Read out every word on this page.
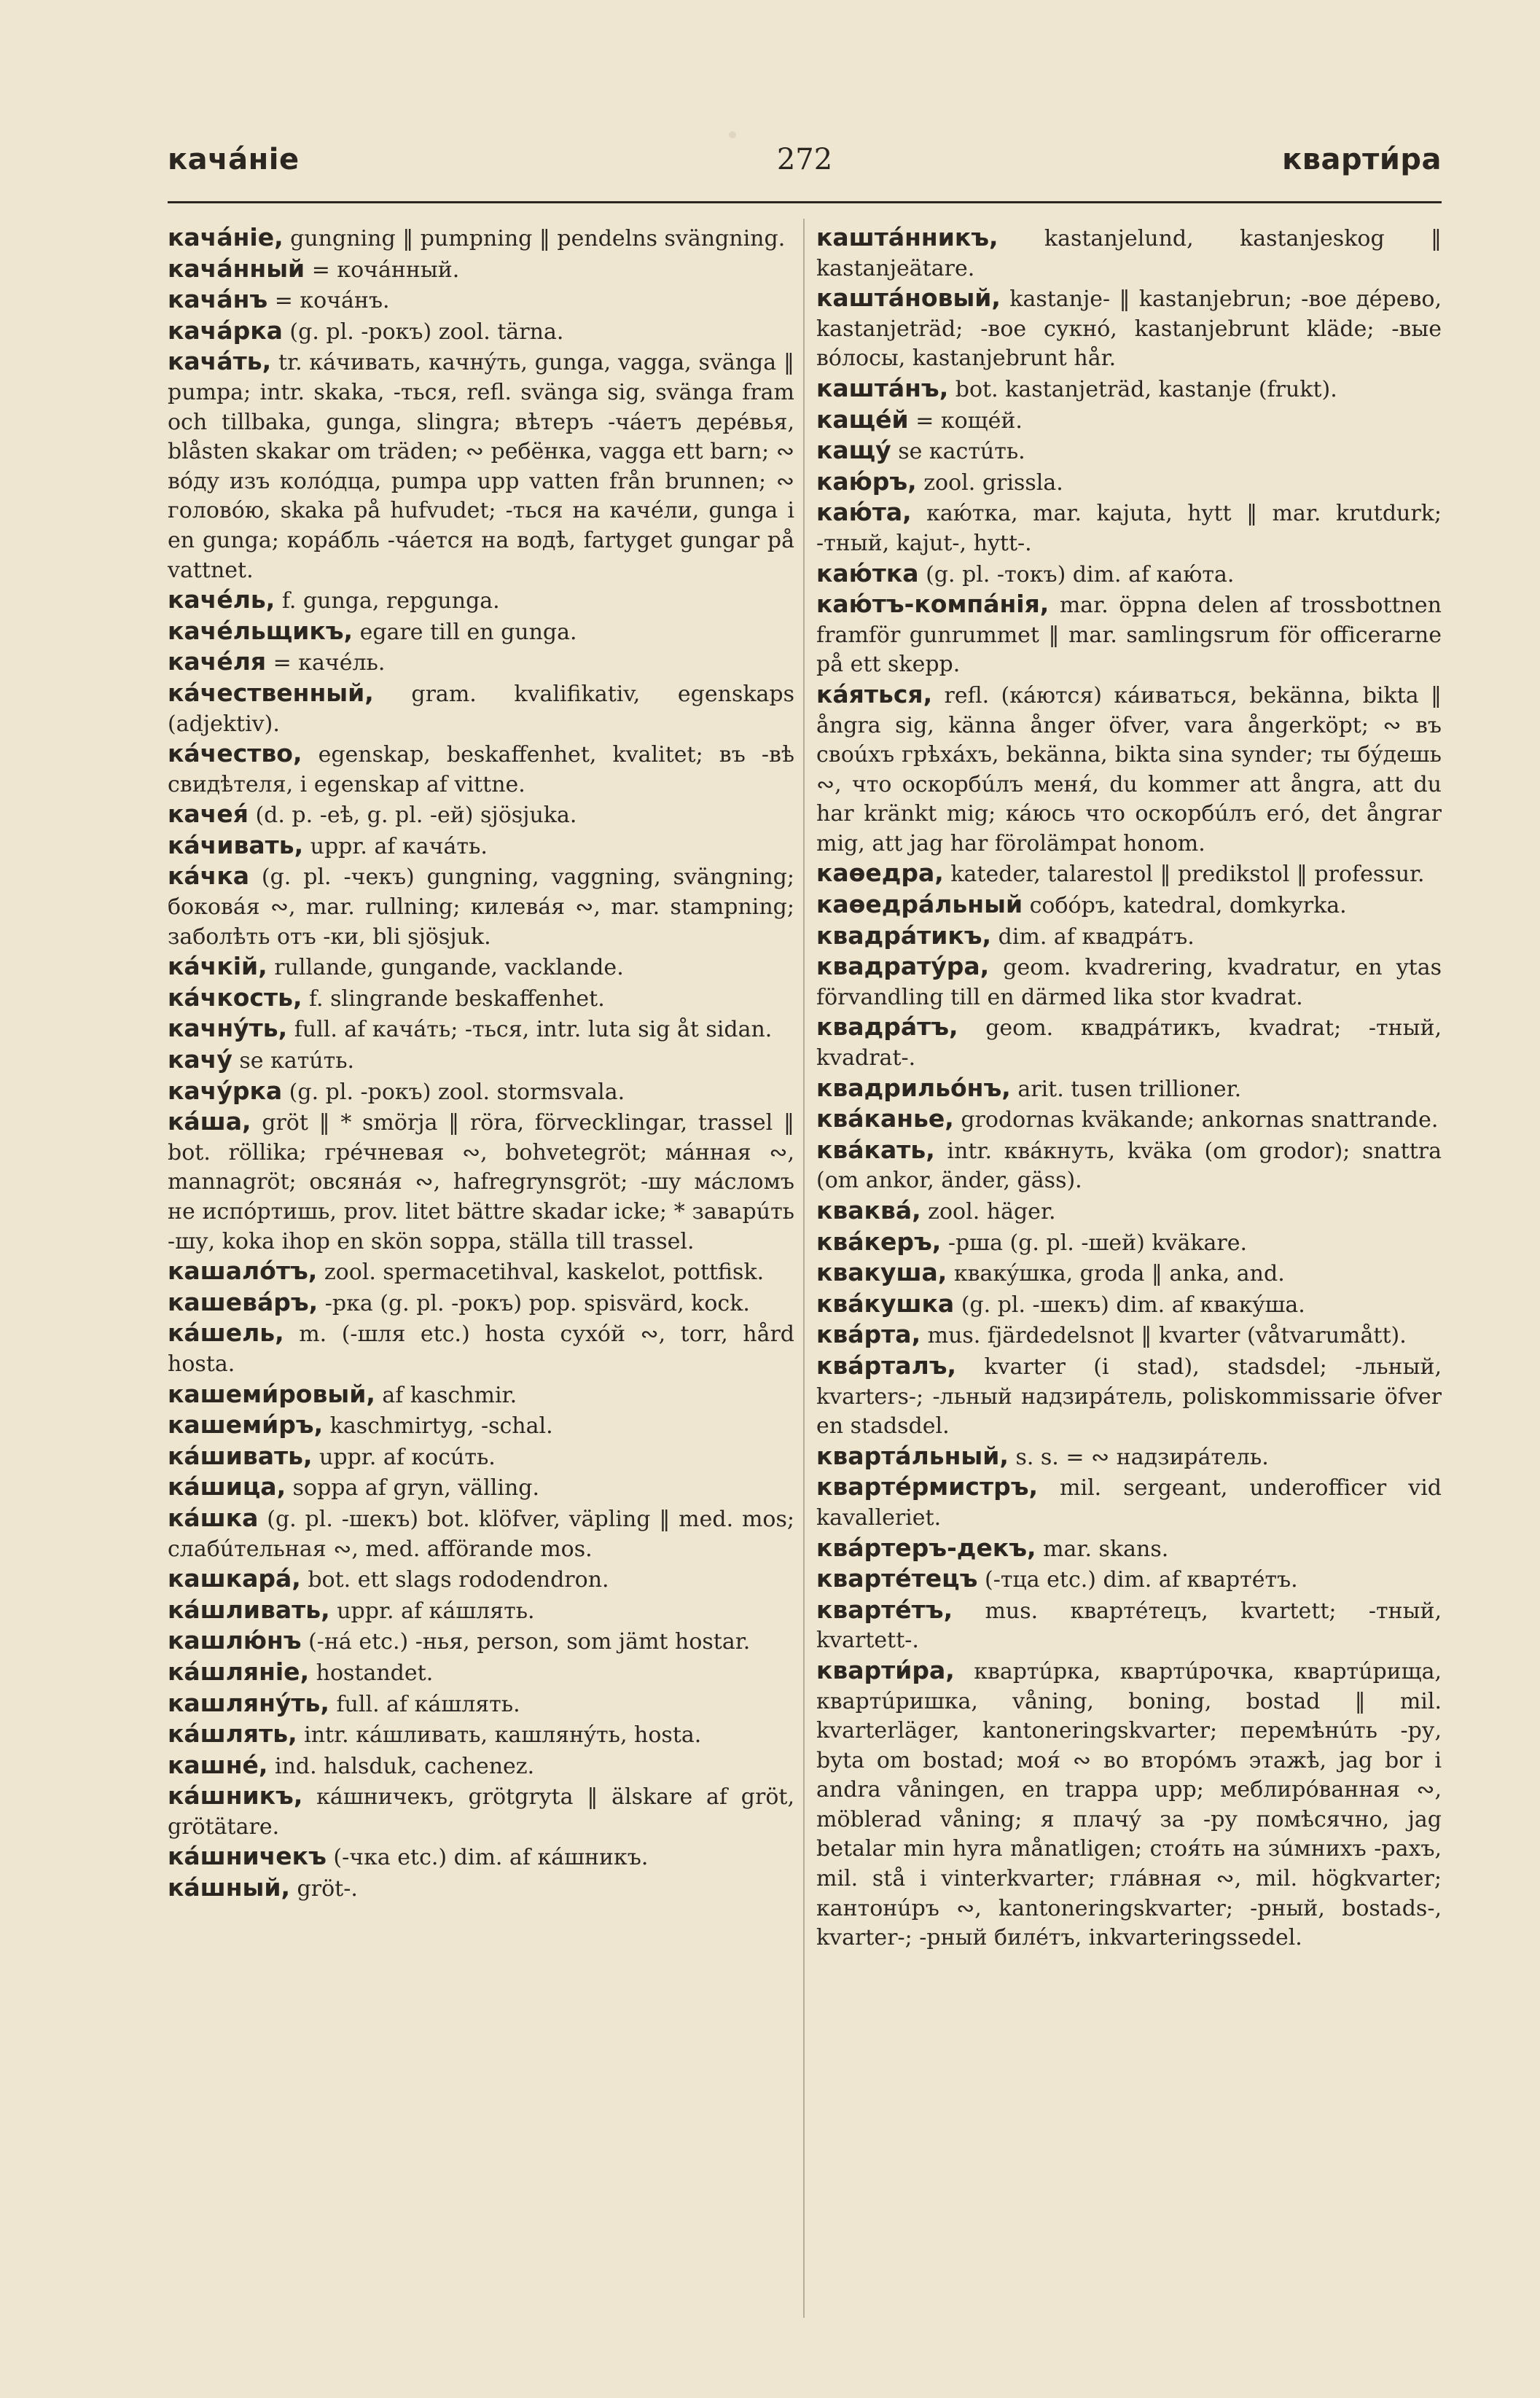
кача́ніе	272	кварти́ра

кача́ніе, gungning ‖ pumpning ‖ pendelns svängning.

кача́нный = кочáнный.

кача́нъ = кочáнъ.

кача́рка (g. pl. -рокъ) zool. tärna.

кача́ть, tr. кáчивать, качнýть, gunga, vagga, svänga ‖ pumpa; intr. skaka, -ться, refl. svänga sig, svänga fram och tillbaka, gunga, slingra; вѣтеръ -чáетъ дерéвья, blåsten skakar om träden; ∾ ребёнка, vagga ett barn; ∾ вóду изъ колóдца, pumpa upp vatten från brunnen; ∾ головóю, skaka på hufvudet; -ться на качéли, gunga i en gunga; корáбль -чáется на водѣ, fartyget gungar på vattnet.

каче́ль, f. gunga, repgunga.

каче́льщикъ, egare till en gunga.

каче́ля = качéль.

ка́чественный, gram. kvalifikativ, egenskaps (adjektiv).

ка́чество, egenskap, beskaffenhet, kvalitet; въ -вѣ свидѣтеля, i egenskap af vittne.

качея́ (d. p. -eѣ, g. pl. -ей) sjösjuka.

ка́чивать, uppr. af качáть.

ка́чка (g. pl. -чекъ) gungning, vaggning, svängning; боковáя ∾, mar. rullning; килевáя ∾, mar. stampning; заболѣть отъ -ки, bli sjösjuk.

ка́чкій, rullande, gungande, vacklande.

ка́чкость, f. slingrande beskaffenhet.

качну́ть, full. af качáть; -ться, intr. luta sig åt sidan.

качу́ se катúть.

качу́рка (g. pl. -рокъ) zool. stormsvala.

ка́ша, gröt ‖ * smörja ‖ röra, förvecklingar, trassel ‖ bot. röllika; грéчневая ∾, bohvetegröt; мáнная ∾, mannagröt; овсянáя ∾, hafregrynsgröt; -шу мáсломъ не испóртишь, prov. litet bättre skadar icke; * заварúть -шу, koka ihop en skön soppa, ställa till trassel.

кашало́тъ, zool. spermacetihval, kaskelot, pottfisk.

кашева́ръ, -рка (g. pl. -рокъ) pop. spisvärd, kock.

ка́шель, m. (-шля etc.) hosta сухóй ∾, torr, hård hosta.

кашеми́ровый, af kaschmir.

кашеми́ръ, kaschmirtyg, -schal.

ка́шивать, uppr. af косúть.

ка́шица, soppa af gryn, välling.

ка́шка (g. pl. -шекъ) bot. klöfver, väpling ‖ med. mos; слабúтельная ∾, med. afförande mos.

кашкара́, bot. ett slags rododendron.

ка́шливать, uppr. af кáшлять.

кашлю́нъ (-нá etc.) -нья, person, som jämt hostar.

ка́шляніе, hostandet.

кашляну́ть, full. af кáшлять.

ка́шлять, intr. кáшливать, кашлянýть, hosta.

кашне́, ind. halsduk, cachenez.

ка́шникъ, кáшничекъ, grötgryta ‖ älskare af gröt, grötätare.

ка́шничекъ (-чка etc.) dim. af кáшникъ.

ка́шный, gröt-.

кашта́нникъ, kastanjelund, kastanjeskog ‖ kastanjeätare.

кашта́новый, kastanje- ‖ kastanjebrun; -вое дéрево, kastanjeträd; -вое сукнó, kastanjebrunt kläde; -вые вóлосы, kastanjebrunt hår.

кашта́нъ, bot. kastanjeträd, kastanje (frukt).

кащéй = кощéй.

кащу́ se кастúть.

каю́ръ, zool. grissla.

каю́та, каю́тка, mar. kajuta, hytt ‖ mar. krutdurk; -тный, kajut-, hytt-.

каю́тка (g. pl. -токъ) dim. af каю́та.

каю́тъ-компа́нія, mar. öppna delen af trossbottnen framför gunrummet ‖ mar. samlingsrum för officerarne på ett skepp.

ка́яться, refl. (кáются) кáиваться, bekänna, bikta ‖ ångra sig, känna ånger öfver, vara ångerköpt; ∾ въ своúхъ грѣхáхъ, bekänna, bikta sina synder; ты бýдешь ∾, что оскорбúлъ меня́, du kommer att ångra, att du har kränkt mig; ка́юсь что оскорбúлъ егó, det ångrar mig, att jag har förolämpat honom.

каѳедра, kateder, talarestol ‖ predikstol ‖ professur.

каѳедра́льный собóръ, katedral, domkyrka.

квадра́тикъ, dim. af квадрáтъ.

квадрату́ра, geom. kvadrering, kvadratur, en ytas förvandling till en därmed lika stor kvadrat.

квадра́тъ, geom. квадрáтикъ, kvadrat; -тный, kvadrat-.

квадрильо́нъ, arit. tusen trillioner.

ква́канье, grodornas kväkande; ankornas snattrande.

ква́кать, intr. квáкнуть, kväka (om grodor); snattra (om ankor, änder, gäss).

кваква́, zool. häger.

ква́керъ, -рша (g. pl. -шей) kväkare.

квакуша, квакýшка, groda ‖ anka, and.

ква́кушка (g. pl. -шекъ) dim. af квакýша.

ква́рта, mus. fjärdedelsnot ‖ kvarter (våtvarumått).

ква́рталъ, kvarter (i stad), stadsdel; -льный, kvarters-; -льный надзирáтель, poliskommissarie öfver en stadsdel.

кварта́льный, s. s. = ∾ надзирáтель.

квартéрмистръ, mil. sergeant, underofficer vid kavalleriet.

ква́ртеръ-декъ, mar. skans.

квартéтецъ (-тца etc.) dim. af квартéтъ.

квартéтъ, mus. квартéтецъ, kvartett; -тный, kvartett-.

кварти́ра, квартúрка, квартúрочка, квартúрища, квартúришка, våning, boning, bostad ‖ mil. kvarterläger, kantoneringskvarter; перемѣнúть -ру, byta om bostad; моя́ ∾ во вторóмъ этажѣ, jag bor i andra våningen, en trappa upp; меблирóванная ∾, möblerad våning; я плачý за -ру помѣсячно, jag betalar min hyra månatligen; стоя́ть на зúмнихъ -рахъ, mil. stå i vinterkvarter; глáвная ∾, mil. högkvarter; кантонúръ ∾, kantoneringskvarter; -рный, bostads-, kvarter-; -рный билéтъ, inkvarteringssedel.
